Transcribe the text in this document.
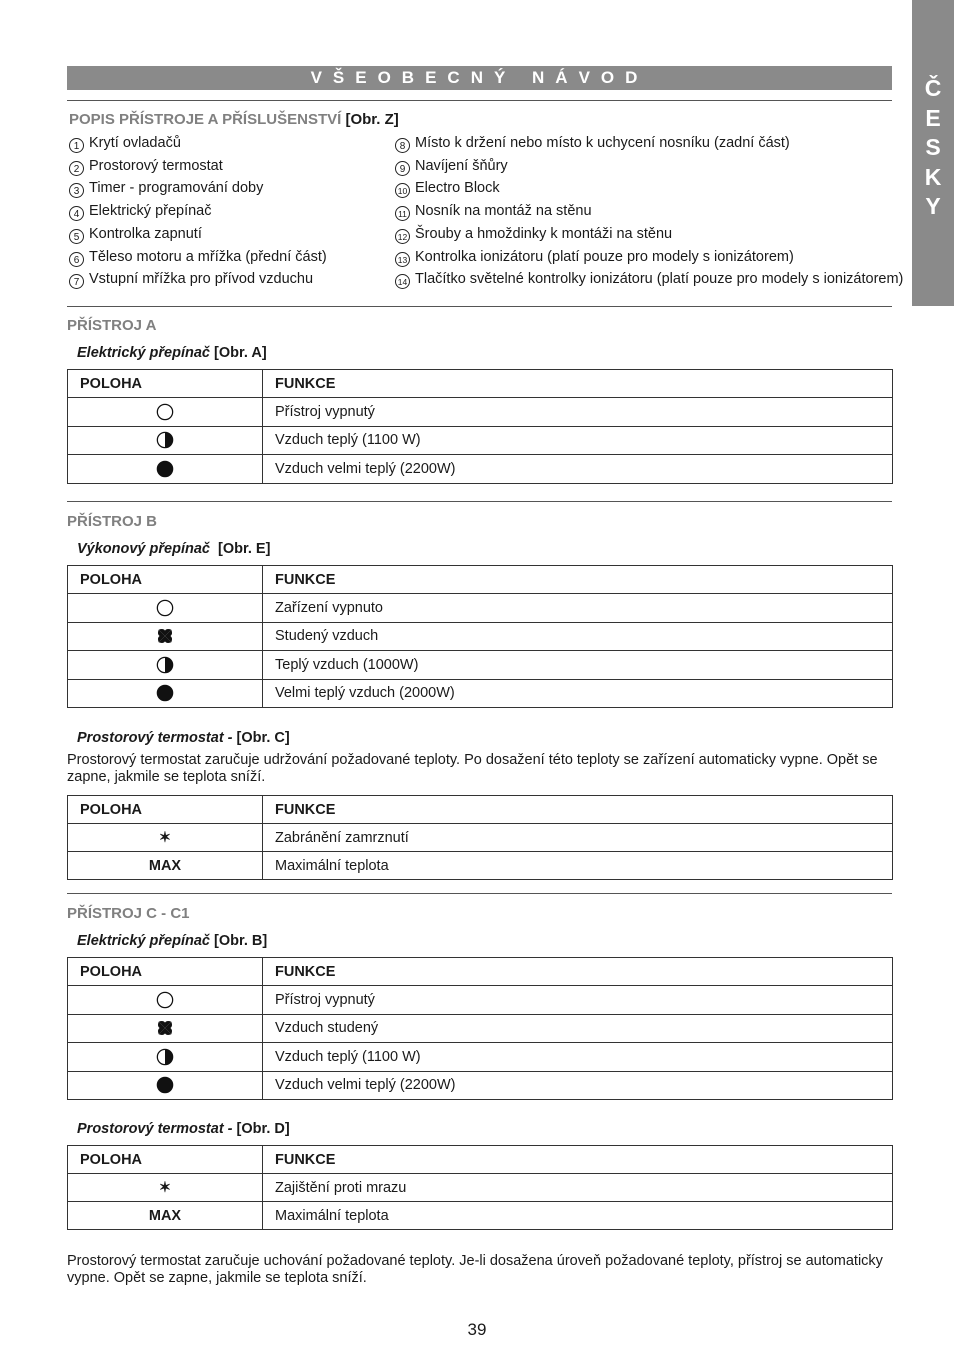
Č
E
S
K
Y
VŠEOBECNÝ NÁVOD
POPIS PŘÍSTROJE A PŘÍSLUŠENSTVÍ [Obr. Z]
1 Krytí ovladačů
2 Prostorový termostat
3 Timer - programování doby
4 Elektrický přepínač
5 Kontrolka zapnutí
6 Těleso motoru a mřížka (přední část)
7 Vstupní mřížka pro přívod vzduchu
8 Místo k držení nebo místo k uchycení nosníku (zadní část)
9 Navíjení šňůry
10 Electro Block
11 Nosník na montáž na stěnu
12 Šrouby a hmoždinky k montáži na stěnu
13 Kontrolka ionizátoru (platí pouze pro modely s ionizátorem)
14 Tlačítko světelné kontrolky ionizátoru (platí pouze pro modely s ionizátorem)
PŘÍSTROJ A
Elektrický přepínač [Obr. A]
POLOHA	FUNKCE
	Přístroj vypnutý
	Vzduch teplý (1100 W)
	Vzduch velmi teplý (2200W)
PŘÍSTROJ B
Výkonový přepínač [Obr. E]
POLOHA	FUNKCE
	Zařízení vypnuto
	Studený vzduch
	Teplý vzduch (1000W)
	Velmi teplý vzduch (2000W)
Prostorový termostat - [Obr. C]
Prostorový termostat zaručuje udržování požadované teploty. Po dosažení této teploty se zařízení automaticky vypne. Opět se zapne, jakmile se teplota sníží.
POLOHA	FUNKCE
✶	Zabránění zamrznutí
MAX	Maximální teplota
PŘÍSTROJ C - C1
Elektrický přepínač [Obr. B]
POLOHA	FUNKCE
	Přístroj vypnutý
	Vzduch studený
	Vzduch teplý (1100 W)
	Vzduch velmi teplý (2200W)
Prostorový termostat - [Obr. D]
POLOHA	FUNKCE
✶	Zajištění proti mrazu
MAX	Maximální teplota
Prostorový termostat zaručuje uchování požadované teploty. Je-li dosažena úroveň požadované teploty, přístroj se automaticky vypne. Opět se zapne, jakmile se teplota sníží.
39
